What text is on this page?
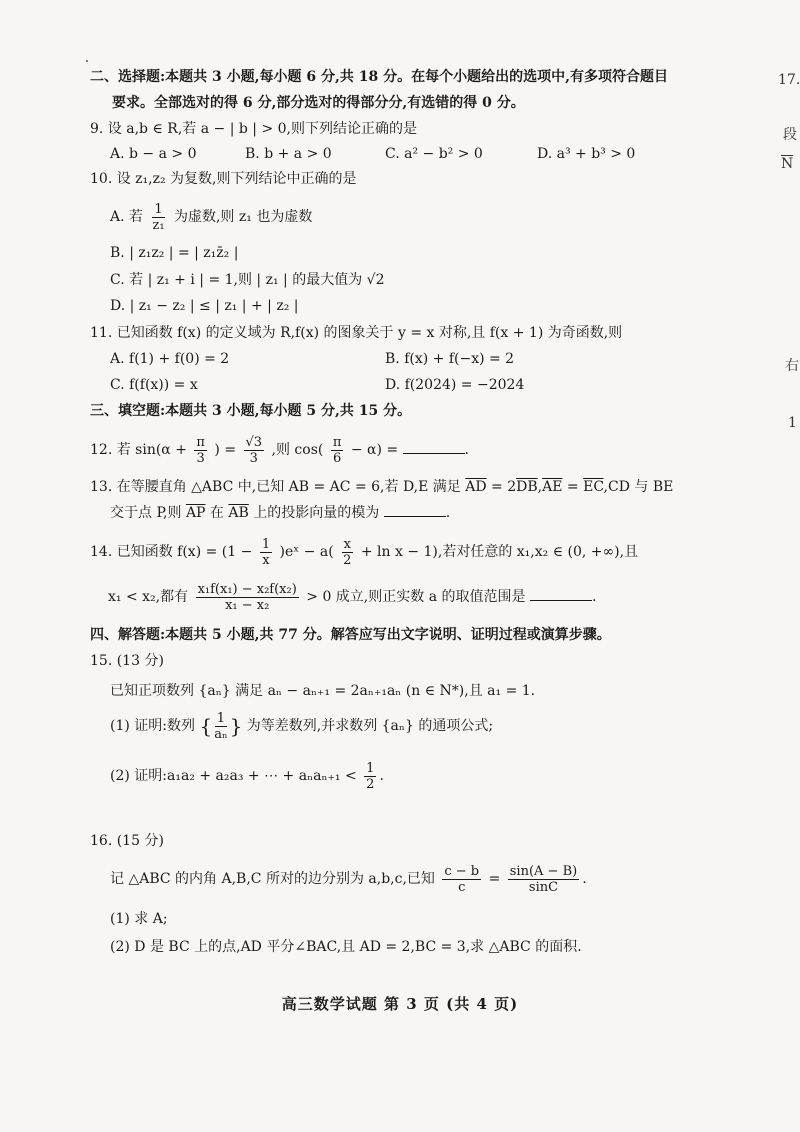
二、选择题:本题共 3 小题,每小题 6 分,共 18 分。在每个小题给出的选项中,有多项符合题目
要求。全部选对的得 6 分,部分选对的得部分分,有选错的得 0 分。
9. 设 a,b ∈ R,若 a − | b | > 0,则下列结论正确的是
A. b − a > 0	B. b + a > 0	C. a² − b² > 0	D. a³ + b³ > 0
10. 设 z₁,z₂ 为复数,则下列结论中正确的是
A. 若 $\frac{1}{\text{z₁}}$ 为虚数,则 z₁ 也为虚数
B. | z₁z₂ | = | z₁z̄₂ |
C. 若 | z₁ + i | = 1,则 | z₁ | 的最大值为 √2
D. | z₁ − z₂ | ≤ | z₁ | + | z₂ |
11. 已知函数 f(x) 的定义域为 R,f(x) 的图象关于 y = x 对称,且 f(x + 1) 为奇函数,则
A. f(1) + f(0) = 2	B. f(x) + f(−x) = 2
C. f(f(x)) = x	D. f(2024) = −2024
三、填空题:本题共 3 小题,每小题 5 分,共 15 分。
12. 若 $\sin(\alpha + \frac{\pi}{3}$ ) = $\frac{√3}{3}$ ,则 $\cos( \frac{\pi}{6} - \alpha)$ =	.
13. 在等腰直角 △ABC 中,已知 AB = AC = 6,若 D,E 满足 $\overline{AD} = 2\overline{DB},\overline{AE} = \overline{EC},CD$ 与 BE
交于点 P,则 $\overline{AP}$ 在 $\overline{AB}$ 上的投影向量的模为	.
14. 已知函数 $f(x) = (1 - \frac{1}{x}$ )eˣ − $a( \frac{x}{2} + \ln x - 1)$,若对任意的 x₁,x₂ ∈ (0, +∞),且
x₁ < x₂,都有 $\frac{\text{x₁f(x₁) − x₂f(x₂)}}{\text{x₁ − x₂}} > 0$ 成立,则正实数 a 的取值范围是	.
四、解答题:本题共 5 小题,共 77 分。解答应写出文字说明、证明过程或演算步骤。
15. (13 分)
已知正项数列 {aₙ} 满足 aₙ − aₙ₊₁ = 2aₙ₊₁aₙ (n ∈ N*),且 a₁ = 1.
(1) 证明:数列 { $\frac{1}{\text{aₙ}}$ } 为等差数列,并求数列 {aₙ} 的通项公式;
(2) 证明:a₁a₂ + a₂a₃ + ⋯ + $a_na_{n+1} < \frac{1}{2}$ .
16. (15 分)
记 △ABC 的内角 A,B,C 所对的边分别为 a,b,c,已知 $\frac{c - b}{c} = \frac{\sin(A - B)}{\sin C}$ .
(1) 求 A;
(2) D 是 BC 上的点,AD 平分∠BAC,且 AD = 2,BC = 3,求 △ABC 的面积.
高三数学试题 第 3 页 (共 4 页)
17.
段
$\overline{N}$
右
1
